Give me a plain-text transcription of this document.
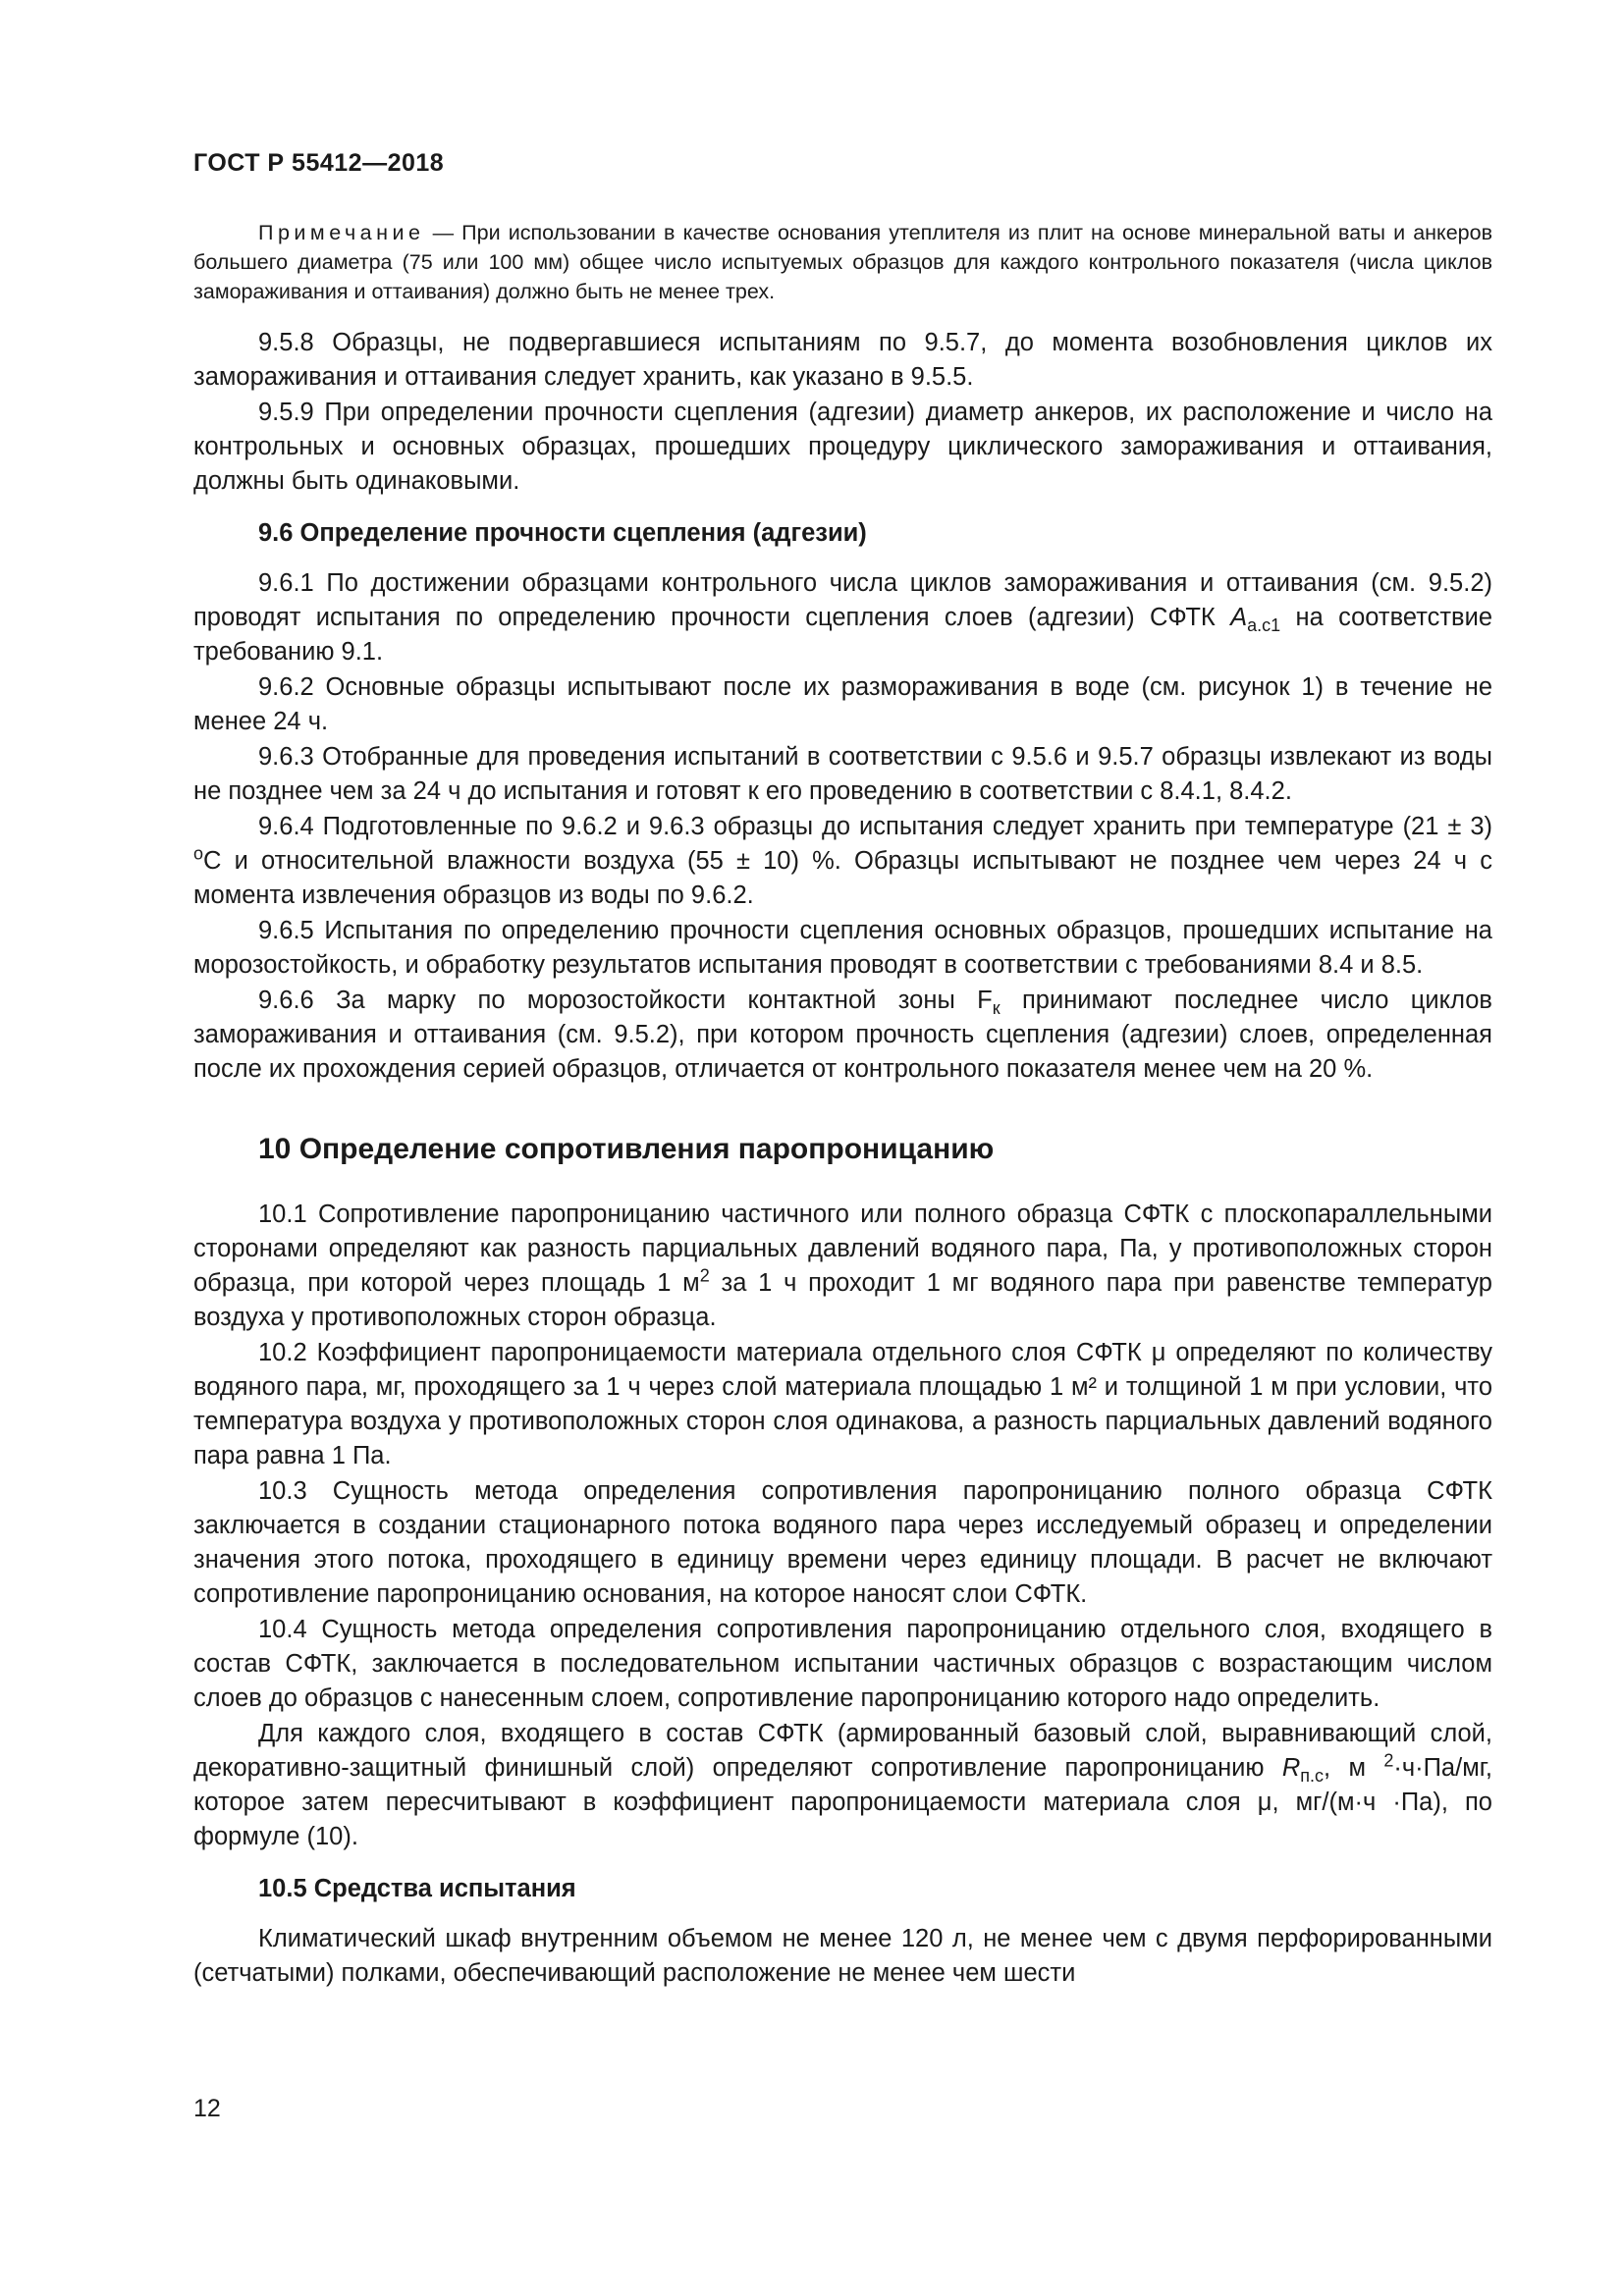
ГОСТ Р 55412—2018

Примечание — При использовании в качестве основания утеплителя из плит на основе минеральной ваты и анкеров большего диаметра (75 или 100 мм) общее число испытуемых образцов для каждого контрольного показателя (числа циклов замораживания и оттаивания) должно быть не менее трех.

9.5.8 Образцы, не подвергавшиеся испытаниям по 9.5.7, до момента возобновления циклов их замораживания и оттаивания следует хранить, как указано в 9.5.5.

9.5.9 При определении прочности сцепления (адгезии) диаметр анкеров, их расположение и число на контрольных и основных образцах, прошедших процедуру циклического замораживания и оттаивания, должны быть одинаковыми.

9.6 Определение прочности сцепления (адгезии)

9.6.1 По достижении образцами контрольного числа циклов замораживания и оттаивания (см. 9.5.2) проводят испытания по определению прочности сцепления слоев (адгезии) СФТК $A_{а.с1}$ на соответствие требованию 9.1.

9.6.2 Основные образцы испытывают после их размораживания в воде (см. рисунок 1) в течение не менее 24 ч.

9.6.3 Отобранные для проведения испытаний в соответствии с 9.5.6 и 9.5.7 образцы извлекают из воды не позднее чем за 24 ч до испытания и готовят к его проведению в соответствии с 8.4.1, 8.4.2.

9.6.4 Подготовленные по 9.6.2 и 9.6.3 образцы до испытания следует хранить при температуре (21 ± 3) $^о$С и относительной влажности воздуха (55 ± 10) %. Образцы испытывают не позднее чем через 24 ч с момента извлечения образцов из воды по 9.6.2.

9.6.5 Испытания по определению прочности сцепления основных образцов, прошедших испытание на морозостойкость, и обработку результатов испытания проводят в соответствии с требованиями 8.4 и 8.5.

9.6.6 За марку по морозостойкости контактной зоны $F_к$ принимают последнее число циклов замораживания и оттаивания (см. 9.5.2), при котором прочность сцепления (адгезии) слоев, определенная после их прохождения серией образцов, отличается от контрольного показателя менее чем на 20 %.

10 Определение сопротивления паропроницанию

10.1 Сопротивление паропроницанию частичного или полного образца СФТК с плоскопараллельными сторонами определяют как разность парциальных давлений водяного пара, Па, у противоположных сторон образца, при которой через площадь 1 $м^2$ за 1 ч проходит 1 мг водяного пара при равенстве температур воздуха у противоположных сторон образца.

10.2 Коэффициент паропроницаемости материала отдельного слоя СФТК μ определяют по количеству водяного пара, мг, проходящего за 1 ч через слой материала площадью 1 м² и толщиной 1 м при условии, что температура воздуха у противоположных сторон слоя одинакова, а разность парциальных давлений водяного пара равна 1 Па.

10.3 Сущность метода определения сопротивления паропроницанию полного образца СФТК заключается в создании стационарного потока водяного пара через исследуемый образец и определении значения этого потока, проходящего в единицу времени через единицу площади. В расчет не включают сопротивление паропроницанию основания, на которое наносят слои СФТК.

10.4 Сущность метода определения сопротивления паропроницанию отдельного слоя, входящего в состав СФТК, заключается в последовательном испытании частичных образцов с возрастающим числом слоев до образцов с нанесенным слоем, сопротивление паропроницанию которого надо определить.

Для каждого слоя, входящего в состав СФТК (армированный базовый слой, выравнивающий слой, декоративно-защитный финишный слой) определяют сопротивление паропроницанию $R_{п.с}$, м $^2$·ч·Па/мг, которое затем пересчитывают в коэффициент паропроницаемости материала слоя μ, мг/(м·ч ·Па), по формуле (10).

10.5 Средства испытания

Климатический шкаф внутренним объемом не менее 120 л, не менее чем с двумя перфорированными (сетчатыми) полками, обеспечивающий расположение не менее чем шести

12
